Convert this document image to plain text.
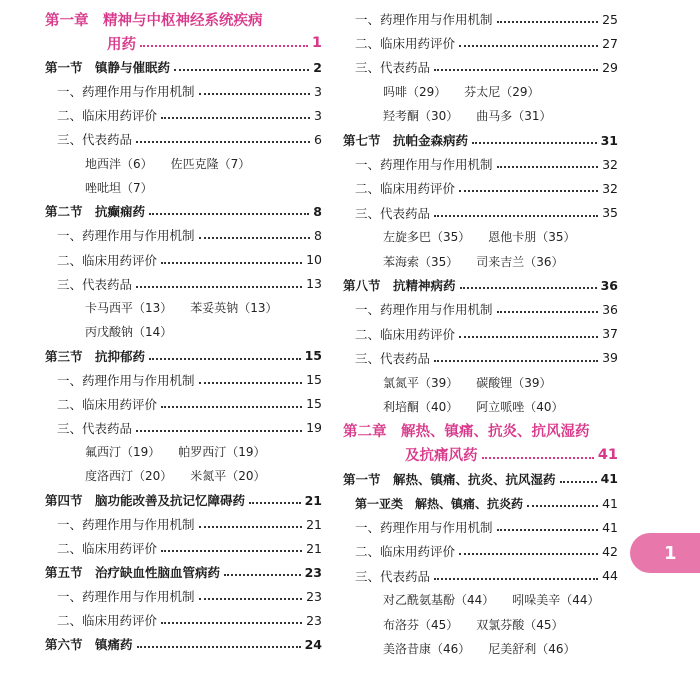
第一章　精神与中枢神经系统疾病
用药	1
第一节　镇静与催眠药	2
一、药理作用与作用机制	3
二、临床用药评价	3
三、代表药品	6
地西泮（6） 佐匹克隆（7）
唑吡坦（7）
第二节　抗癫痫药	8
一、药理作用与作用机制	8
二、临床用药评价	10
三、代表药品	13
卡马西平（13） 苯妥英钠（13）
丙戊酸钠（14）
第三节　抗抑郁药	15
一、药理作用与作用机制	15
二、临床用药评价	15
三、代表药品	19
氟西汀（19） 帕罗西汀（19）
度洛西汀（20） 米氮平（20）
第四节　脑功能改善及抗记忆障碍药	21
一、药理作用与作用机制	21
二、临床用药评价	21
第五节　治疗缺血性脑血管病药	23
一、药理作用与作用机制	23
二、临床用药评价	23
第六节　镇痛药	24
一、药理作用与作用机制	25
二、临床用药评价	27
三、代表药品	29
吗啡（29） 芬太尼（29）
羟考酮（30） 曲马多（31）
第七节　抗帕金森病药	31
一、药理作用与作用机制	32
二、临床用药评价	32
三、代表药品	35
左旋多巴（35） 恩他卡朋（35）
苯海索（35） 司来吉兰（36）
第八节　抗精神病药	36
一、药理作用与作用机制	36
二、临床用药评价	37
三、代表药品	39
氯氮平（39） 碳酸锂（39）
利培酮（40） 阿立哌唑（40）
第二章　解热、镇痛、抗炎、抗风湿药
及抗痛风药	41
第一节　解热、镇痛、抗炎、抗风湿药	41
第一亚类　解热、镇痛、抗炎药	41
一、药理作用与作用机制	41
二、临床用药评价	42
三、代表药品	44
对乙酰氨基酚（44） 吲哚美辛（44）
布洛芬（45） 双氯芬酸（45）
美洛昔康（46） 尼美舒利（46）
1
